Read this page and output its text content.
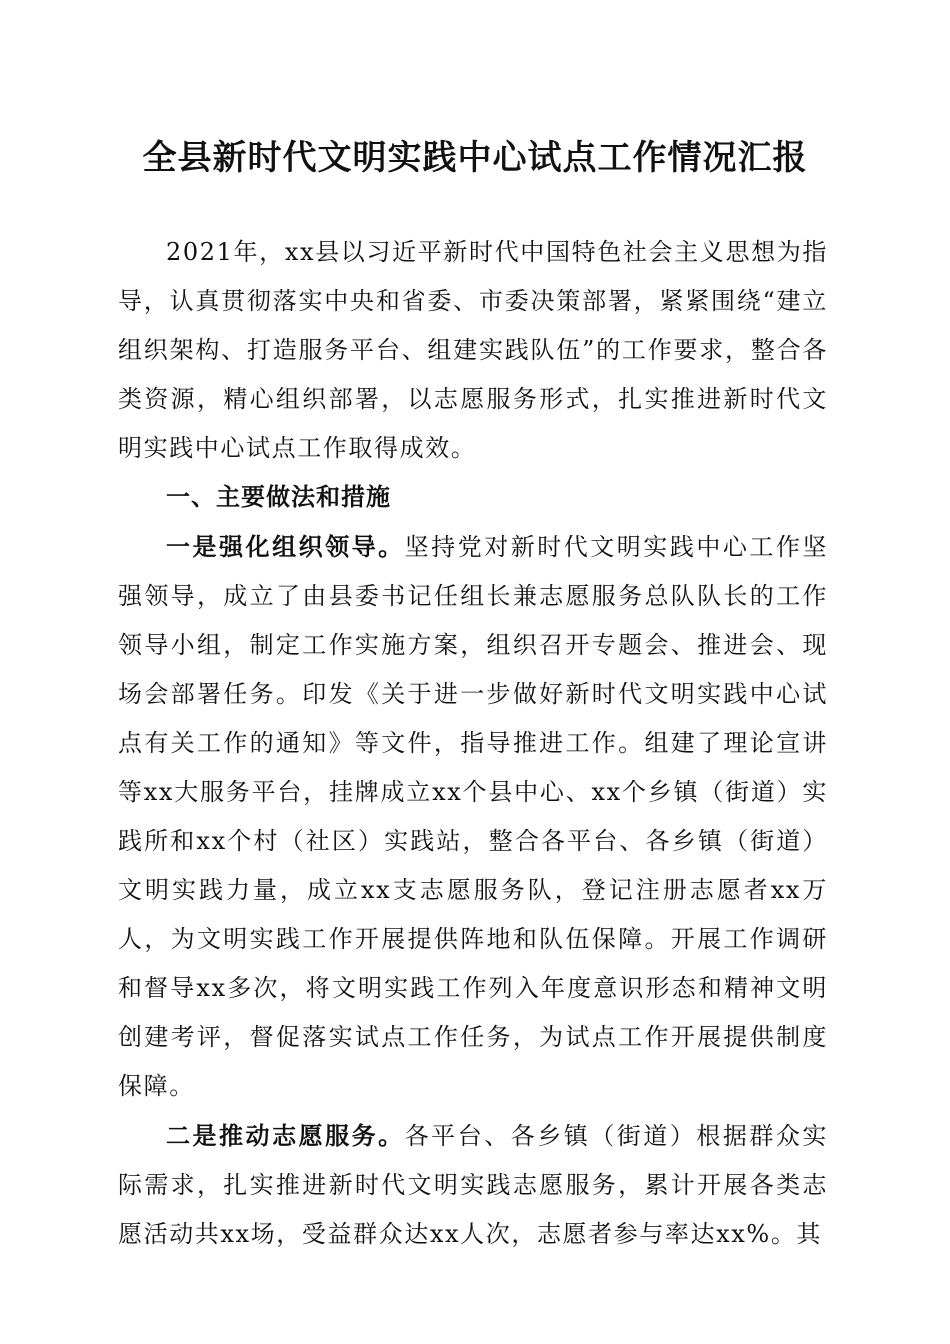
全县新时代文明实践中心试点工作情况汇报

2021年，xx县以习近平新时代中国特色社会主义思想为指导，认真贯彻落实中央和省委、市委决策部署，紧紧围绕“建立组织架构、打造服务平台、组建实践队伍”的工作要求，整合各类资源，精心组织部署，以志愿服务形式，扎实推进新时代文明实践中心试点工作取得成效。

一、主要做法和措施

一是强化组织领导。坚持党对新时代文明实践中心工作坚强领导，成立了由县委书记任组长兼志愿服务总队队长的工作领导小组，制定工作实施方案，组织召开专题会、推进会、现场会部署任务。印发《关于进一步做好新时代文明实践中心试点有关工作的通知》等文件，指导推进工作。组建了理论宣讲等xx大服务平台，挂牌成立xx个县中心、xx个乡镇（街道）实践所和xx个村（社区）实践站，整合各平台、各乡镇（街道）文明实践力量，成立xx支志愿服务队，登记注册志愿者xx万人，为文明实践工作开展提供阵地和队伍保障。开展工作调研和督导xx多次，将文明实践工作列入年度意识形态和精神文明创建考评，督促落实试点工作任务，为试点工作开展提供制度保障。

二是推动志愿服务。各平台、各乡镇（街道）根据群众实际需求，扎实推进新时代文明实践志愿服务，累计开展各类志愿活动共xx场，受益群众达xx人次，志愿者参与率达xx%。其
